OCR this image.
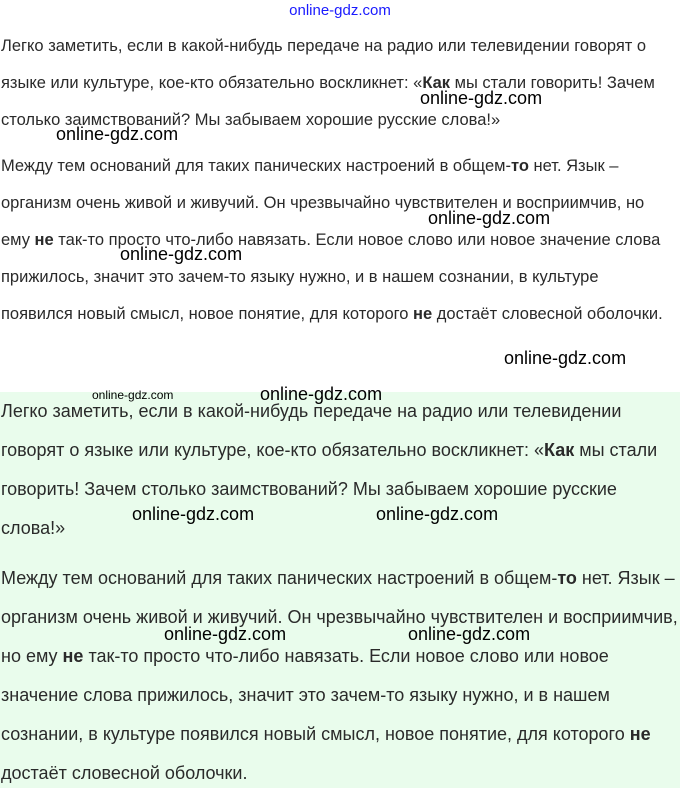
online-gdz.com

Легко заметить, если в какой-нибудь передаче на радио или телевидении говорят о языке или культуре, кое-кто обязательно воскликнет: «Как мы стали говорить! Зачем столько заимствований? Мы забываем хорошие русские слова!»

Между тем оснований для таких панических настроений в общем-то нет. Язык – организм очень живой и живучий. Он чрезвычайно чувствителен и восприимчив, но ему не так-то просто что-либо навязать. Если новое слово или новое значение слова прижилось, значит это зачем-то языку нужно, и в нашем сознании, в культуре появился новый смысл, новое понятие, для которого не достаёт словесной оболочки.

Легко заметить, если в какой-нибудь передаче на радио или телевидении говорят о языке или культуре, кое-кто обязательно воскликнет: «Как мы стали говорить! Зачем столько заимствований? Мы забываем хорошие русские слова!»

Между тем оснований для таких панических настроений в общем-то нет. Язык – организм очень живой и живучий. Он чрезвычайно чувствителен и восприимчив, но ему не так-то просто что-либо навязать. Если новое слово или новое значение слова прижилось, значит это зачем-то языку нужно, и в нашем сознании, в культуре появился новый смысл, новое понятие, для которого не достаёт словесной оболочки.

online-gdz.com
online-gdz.com
online-gdz.com
online-gdz.com
online-gdz.com
online-gdz.com
online-gdz.com
online-gdz.com	online-gdz.com
online-gdz.com	online-gdz.com
